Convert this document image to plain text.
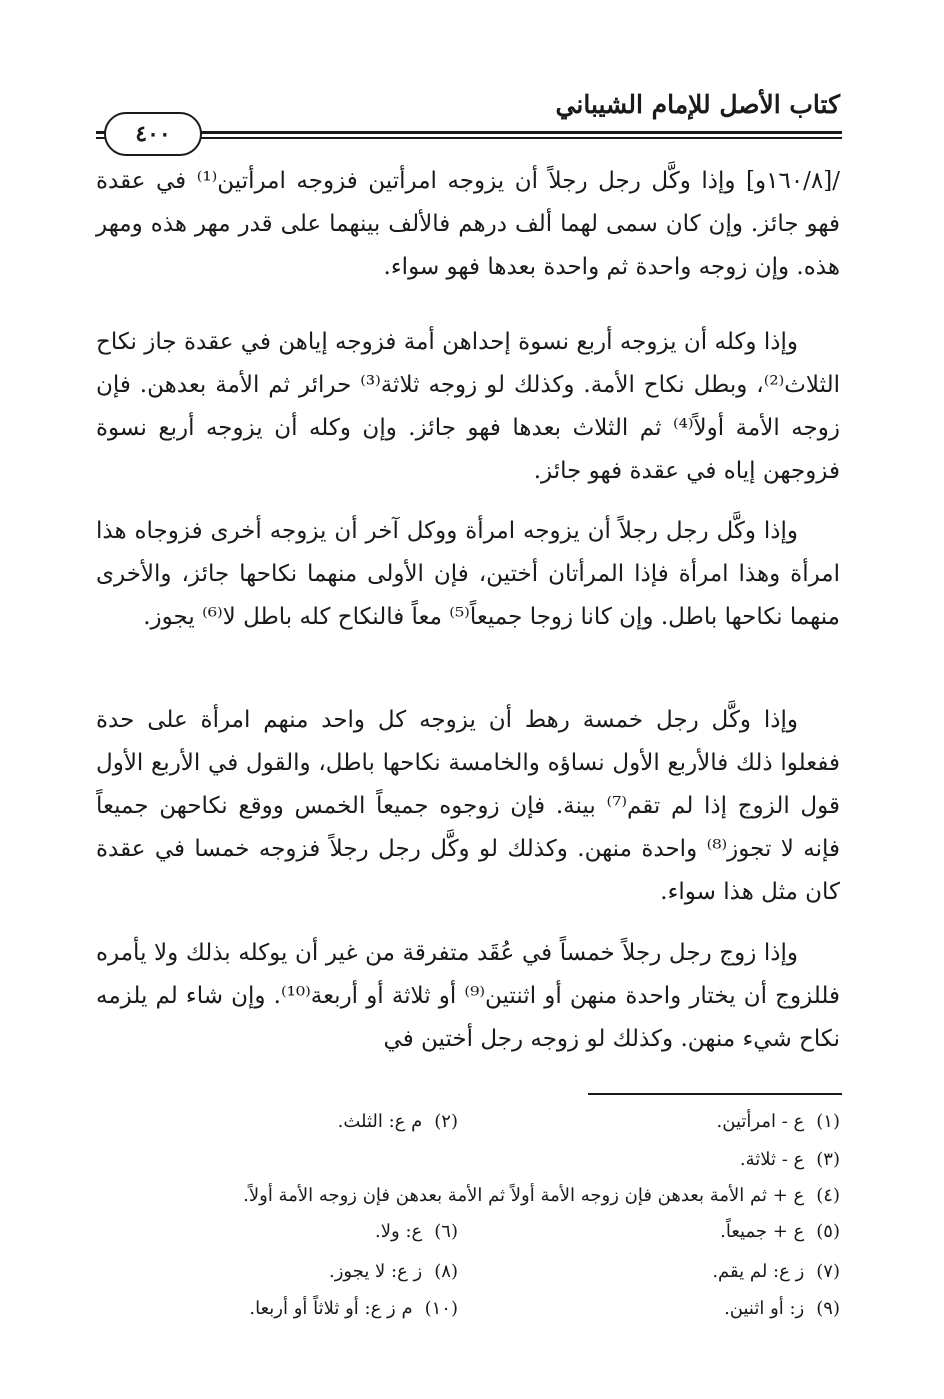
كتاب الأصل للإمام الشيباني
٤٠٠

/[١٦٠/٨و] وإذا وكَّل رجل رجلاً أن يزوجه امرأتين فزوجه امرأتين⁽¹⁾ في عقدة فهو جائز. وإن كان سمى لهما ألف درهم فالألف بينهما على قدر مهر هذه ومهر هذه. وإن زوجه واحدة ثم واحدة بعدها فهو سواء.

وإذا وكله أن يزوجه أربع نسوة إحداهن أمة فزوجه إياهن في عقدة جاز نكاح الثلاث⁽²⁾، وبطل نكاح الأمة. وكذلك لو زوجه ثلاثة⁽³⁾ حرائر ثم الأمة بعدهن. فإن زوجه الأمة أولاً⁽⁴⁾ ثم الثلاث بعدها فهو جائز. وإن وكله أن يزوجه أربع نسوة فزوجهن إياه في عقدة فهو جائز.

وإذا وكَّل رجل رجلاً أن يزوجه امرأة ووكل آخر أن يزوجه أخرى فزوجاه هذا امرأة وهذا امرأة فإذا المرأتان أختين، فإن الأولى منهما نكاحها جائز، والأخرى منهما نكاحها باطل. وإن كانا زوجا جميعاً⁽⁵⁾ معاً فالنكاح كله باطل لا⁽⁶⁾ يجوز.

وإذا وكَّل رجل خمسة رهط أن يزوجه كل واحد منهم امرأة على حدة ففعلوا ذلك فالأربع الأول نساؤه والخامسة نكاحها باطل، والقول في الأربع الأول قول الزوج إذا لم تقم⁽⁷⁾ بينة. فإن زوجوه جميعاً الخمس ووقع نكاحهن جميعاً فإنه لا تجوز⁽⁸⁾ واحدة منهن. وكذلك لو وكَّل رجل رجلاً فزوجه خمسا في عقدة كان مثل هذا سواء.

وإذا زوج رجل رجلاً خمساً في عُقَد متفرقة من غير أن يوكله بذلك ولا يأمره فللزوج أن يختار واحدة منهن أو اثنتين⁽⁹⁾ أو ثلاثة أو أربعة⁽¹⁰⁾. وإن شاء لم يلزمه نكاح شيء منهن. وكذلك لو زوجه رجل أختين في

(١)ع - امرأتين.
(٢)م ع: الثلث.
(٣)ع - ثلاثة.
(٤)ع + ثم الأمة بعدهن فإن زوجه الأمة أولاً ثم الأمة بعدهن فإن زوجه الأمة أولاً.
(٥)ع + جميعاً.
(٦)ع: ولا.
(٧)ز ع: لم يقم.
(٨)ز ع: لا يجوز.
(٩)ز: أو اثنين.
(١٠)م ز ع: أو ثلاثاً أو أربعا.
